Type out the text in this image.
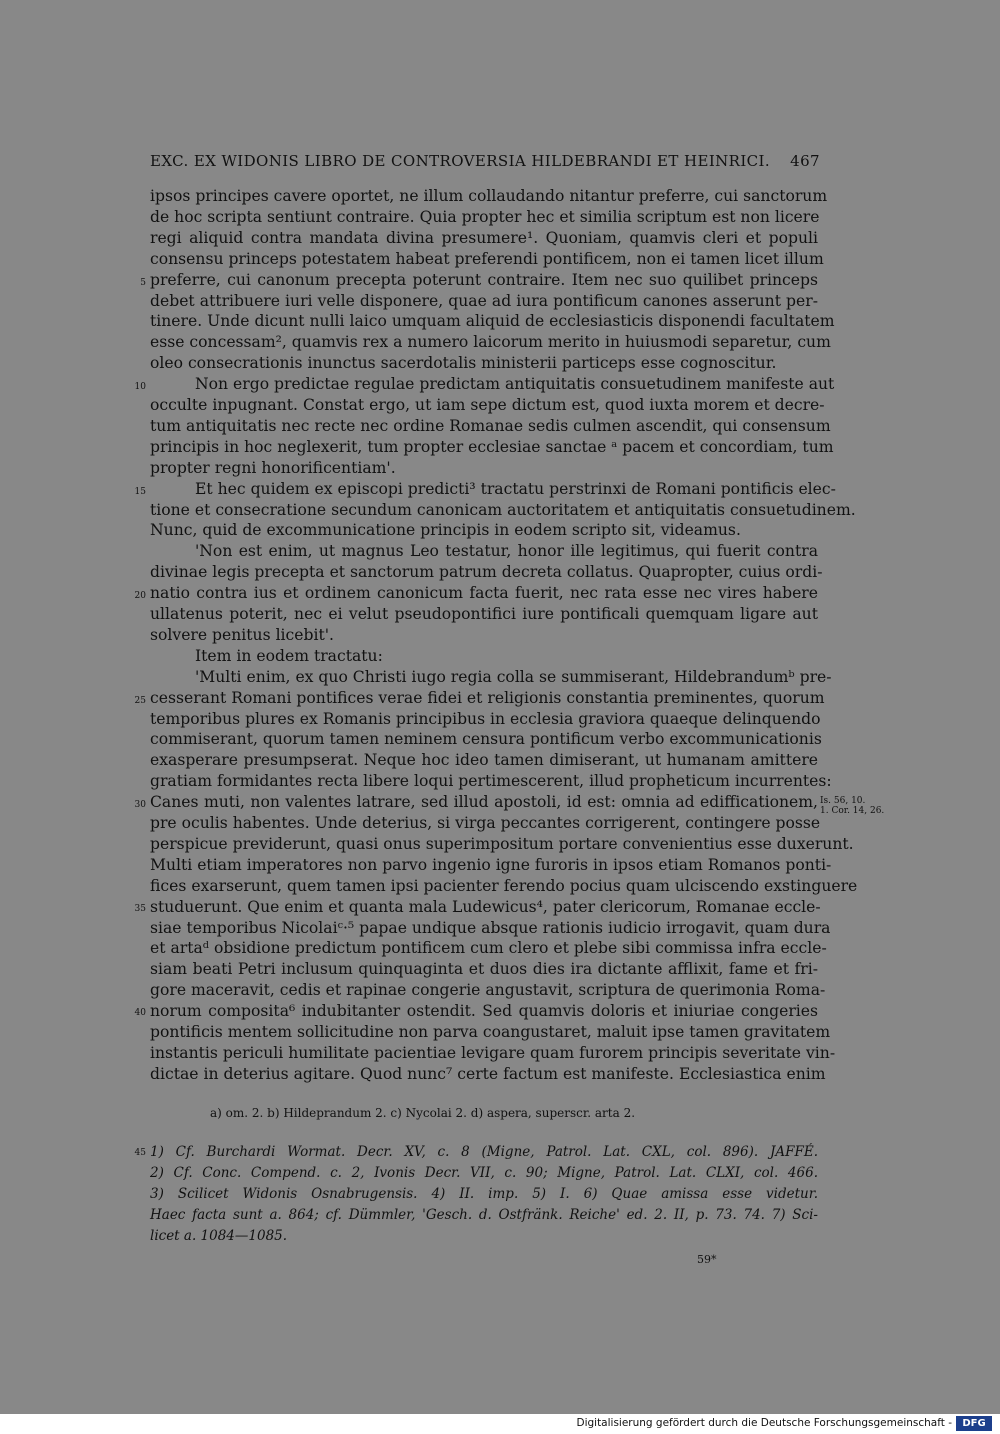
EXC. EX WIDONIS LIBRO DE CONTROVERSIA HILDEBRANDI ET HEINRICI. 467
ipsos principes cavere oportet, ne illum collaudando nitantur preferre, cui sanctorum
de hoc scripta sentiunt contraire. Quia propter hec et similia scriptum est non licere
regi aliquid contra mandata divina presumere¹. Quoniam, quamvis cleri et populi
consensu princeps potestatem habeat preferendi pontificem, non ei tamen licet illum
preferre, cui canonum precepta poterunt contraire. Item nec suo quilibet princeps
debet attribuere iuri velle disponere, quae ad iura pontificum canones asserunt per-
tinere. Unde dicunt nulli laico umquam aliquid de ecclesiasticis disponendi facultatem
esse concessam², quamvis rex a numero laicorum merito in huiusmodi separetur, cum
oleo consecrationis inunctus sacerdotalis ministerii particeps esse cognoscitur.
Non ergo predictae regulae predictam antiquitatis consuetudinem manifeste aut
occulte inpugnant. Constat ergo, ut iam sepe dictum est, quod iuxta morem et decre-
tum antiquitatis nec recte nec ordine Romanae sedis culmen ascendit, qui consensum
principis in hoc neglexerit, tum propter ecclesiae sanctae ᵃ pacem et concordiam, tum
propter regni honorificentiam'.
Et hec quidem ex episcopi predicti³ tractatu perstrinxi de Romani pontificis elec-
tione et consecratione secundum canonicam auctoritatem et antiquitatis consuetudinem.
Nunc, quid de excommunicatione principis in eodem scripto sit, videamus.
'Non est enim, ut magnus Leo testatur, honor ille legitimus, qui fuerit contra
divinae legis precepta et sanctorum patrum decreta collatus. Quapropter, cuius ordi-
natio contra ius et ordinem canonicum facta fuerit, nec rata esse nec vires habere
ullatenus poterit, nec ei velut pseudopontifici iure pontificali quemquam ligare aut
solvere penitus licebit'.
Item in eodem tractatu:
'Multi enim, ex quo Christi iugo regia colla se summiserant, Hildebrandumᵇ pre-
cesserant Romani pontifices verae fidei et religionis constantia preminentes, quorum
temporibus plures ex Romanis principibus in ecclesia graviora quaeque delinquendo
commiserant, quorum tamen neminem censura pontificum verbo excommunicationis
exasperare presumpserat. Neque hoc ideo tamen dimiserant, ut humanam amittere
gratiam formidantes recta libere loqui pertimescerent, illud propheticum incurrentes:
Canes muti, non valentes latrare, sed illud apostoli, id est: omnia ad edifficationem,
pre oculis habentes. Unde deterius, si virga peccantes corrigerent, contingere posse
perspicue previderunt, quasi onus superimpositum portare convenientius esse duxerunt.
Multi etiam imperatores non parvo ingenio igne furoris in ipsos etiam Romanos ponti-
fices exarserunt, quem tamen ipsi pacienter ferendo pocius quam ulciscendo exstinguere
studuerunt. Que enim et quanta mala Ludewicus⁴, pater clericorum, Romanae eccle-
siae temporibus Nicolaiᶜ·⁵ papae undique absque rationis iudicio irrogavit, quam dura
et artaᵈ obsidione predictum pontificem cum clero et plebe sibi commissa infra eccle-
siam beati Petri inclusum quinquaginta et duos dies ira dictante afflixit, fame et fri-
gore maceravit, cedis et rapinae congerie angustavit, scriptura de querimonia Roma-
norum composita⁶ indubitanter ostendit. Sed quamvis doloris et iniuriae congeries
pontificis mentem sollicitudine non parva coangustaret, maluit ipse tamen gravitatem
instantis periculi humilitate pacientiae levigare quam furorem principis severitate vin-
dictae in deterius agitare. Quod nunc⁷ certe factum est manifeste. Ecclesiastica enim
5
10
15
20
25
30
35
40
Is. 56, 10.
1. Cor. 14, 26.
a) om. 2. b) Hildeprandum 2. c) Nycolai 2. d) aspera, superscr. arta 2.
45 1) Cf. Burchardi Wormat. Decr. XV, c. 8 (Migne, Patrol. Lat. CXL, col. 896). JAFFÉ.
2) Cf. Conc. Compend. c. 2, Ivonis Decr. VII, c. 90; Migne, Patrol. Lat. CLXI, col. 466.
3) Scilicet Widonis Osnabrugensis. 4) II. imp. 5) I. 6) Quae amissa esse videtur.
Haec facta sunt a. 864; cf. Dümmler, 'Gesch. d. Ostfränk. Reiche' ed. 2. II, p. 73. 74. 7) Sci-
licet a. 1084—1085.
59*
Digitalisierung gefördert durch die Deutsche Forschungsgemeinschaft -	DFG
